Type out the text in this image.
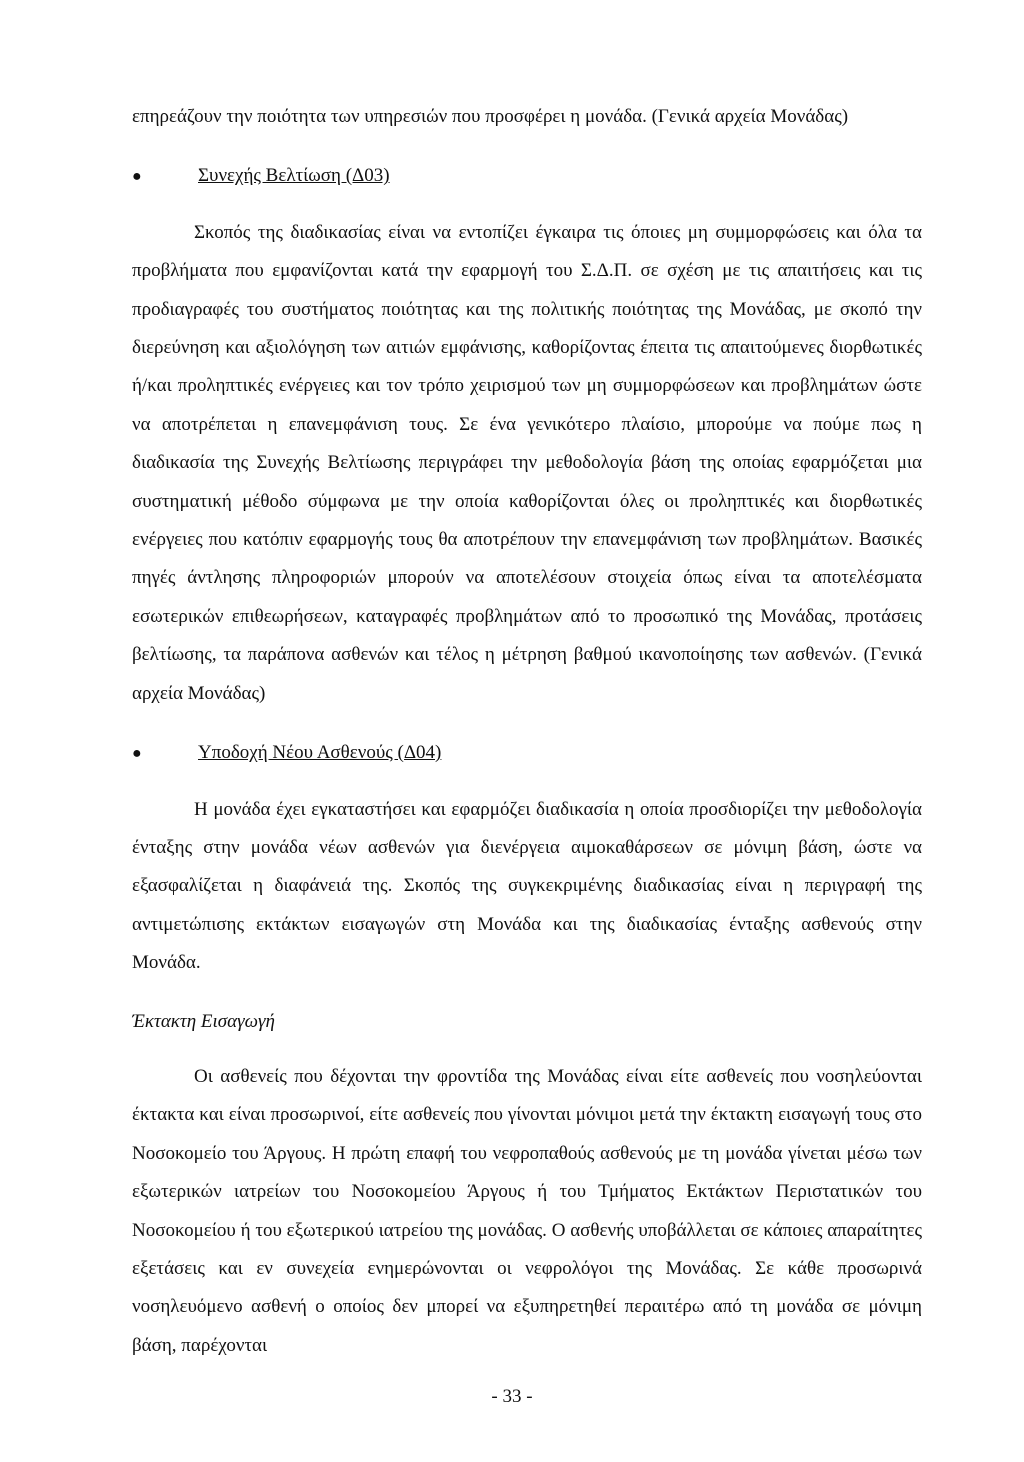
επηρεάζουν την ποιότητα των υπηρεσιών που προσφέρει η μονάδα. (Γενικά αρχεία Μονάδας)

●	Συνεχής Βελτίωση (Δ03)

Σκοπός της διαδικασίας είναι να εντοπίζει έγκαιρα τις όποιες μη συμμορφώσεις και όλα τα προβλήματα που εμφανίζονται κατά την εφαρμογή του Σ.Δ.Π. σε σχέση με τις απαιτήσεις και τις προδιαγραφές του συστήματος ποιότητας και της πολιτικής ποιότητας της Μονάδας, με σκοπό την διερεύνηση και αξιολόγηση των αιτιών εμφάνισης, καθορίζοντας έπειτα τις απαιτούμενες διορθωτικές ή/και προληπτικές ενέργειες και τον τρόπο χειρισμού των μη συμμορφώσεων και προβλημάτων ώστε να αποτρέπεται η επανεμφάνιση τους. Σε ένα γενικότερο πλαίσιο, μπορούμε να πούμε πως η διαδικασία της Συνεχής Βελτίωσης περιγράφει την μεθοδολογία βάση της οποίας εφαρμόζεται μια συστηματική μέθοδο σύμφωνα με την οποία καθορίζονται όλες οι προληπτικές και διορθωτικές ενέργειες που κατόπιν εφαρμογής τους θα αποτρέπουν την επανεμφάνιση των προβλημάτων. Βασικές πηγές άντλησης πληροφοριών μπορούν να αποτελέσουν στοιχεία όπως είναι τα αποτελέσματα εσωτερικών επιθεωρήσεων, καταγραφές προβλημάτων από το προσωπικό της Μονάδας, προτάσεις βελτίωσης, τα παράπονα ασθενών και τέλος η μέτρηση βαθμού ικανοποίησης των ασθενών. (Γενικά αρχεία Μονάδας)

●	Υποδοχή Νέου Ασθενούς (Δ04)

Η μονάδα έχει εγκαταστήσει και εφαρμόζει διαδικασία η οποία προσδιορίζει την μεθοδολογία ένταξης στην μονάδα νέων ασθενών για διενέργεια αιμοκαθάρσεων σε μόνιμη βάση, ώστε να εξασφαλίζεται η διαφάνειά της. Σκοπός της συγκεκριμένης διαδικασίας είναι η περιγραφή της αντιμετώπισης εκτάκτων εισαγωγών στη Μονάδα και της διαδικασίας ένταξης ασθενούς στην Μονάδα.

Έκτακτη Εισαγωγή

Οι ασθενείς που δέχονται την φροντίδα της Μονάδας είναι είτε ασθενείς που νοσηλεύονται έκτακτα και είναι προσωρινοί, είτε ασθενείς που γίνονται μόνιμοι μετά την έκτακτη εισαγωγή τους στο Νοσοκομείο του Άργους. Η πρώτη επαφή του νεφροπαθούς ασθενούς με τη μονάδα γίνεται μέσω των εξωτερικών ιατρείων του Νοσοκομείου Άργους ή του Τμήματος Εκτάκτων Περιστατικών του Νοσοκομείου ή του εξωτερικού ιατρείου της μονάδας. Ο ασθενής υποβάλλεται σε κάποιες απαραίτητες εξετάσεις και εν συνεχεία ενημερώνονται οι νεφρολόγοι της Μονάδας. Σε κάθε προσωρινά νοσηλευόμενο ασθενή ο οποίος δεν μπορεί να εξυπηρετηθεί περαιτέρω από τη μονάδα σε μόνιμη βάση, παρέχονται

- 33 -
